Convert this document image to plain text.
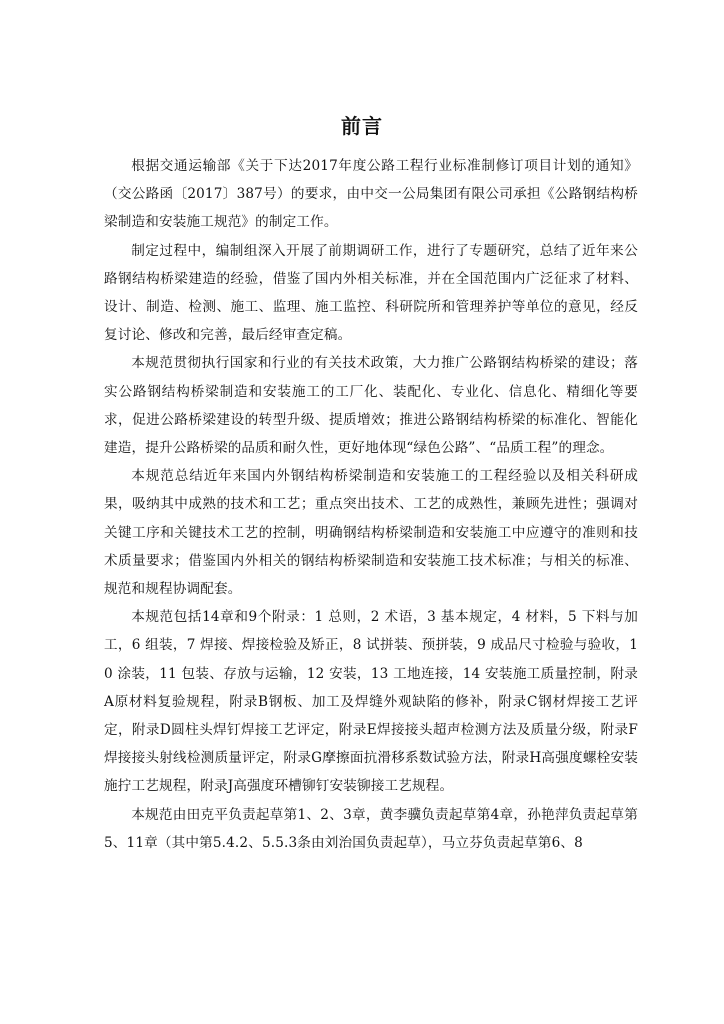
前言

根据交通运输部《关于下达2017年度公路工程行业标准制修订项目计划的通知》（交公路函〔2017〕387号）的要求，由中交一公局集团有限公司承担《公路钢结构桥梁制造和安装施工规范》的制定工作。

制定过程中，编制组深入开展了前期调研工作，进行了专题研究，总结了近年来公路钢结构桥梁建造的经验，借鉴了国内外相关标准，并在全国范围内广泛征求了材料、设计、制造、检测、施工、监理、施工监控、科研院所和管理养护等单位的意见，经反复讨论、修改和完善，最后经审查定稿。

本规范贯彻执行国家和行业的有关技术政策，大力推广公路钢结构桥梁的建设；落实公路钢结构桥梁制造和安装施工的工厂化、装配化、专业化、信息化、精细化等要求，促进公路桥梁建设的转型升级、提质增效；推进公路钢结构桥梁的标准化、智能化建造，提升公路桥梁的品质和耐久性，更好地体现“绿色公路”、“品质工程”的理念。

本规范总结近年来国内外钢结构桥梁制造和安装施工的工程经验以及相关科研成果，吸纳其中成熟的技术和工艺；重点突出技术、工艺的成熟性，兼顾先进性；强调对关键工序和关键技术工艺的控制，明确钢结构桥梁制造和安装施工中应遵守的准则和技术质量要求；借鉴国内外相关的钢结构桥梁制造和安装施工技术标准；与相关的标准、规范和规程协调配套。

本规范包括14章和9个附录：1 总则，2 术语，3 基本规定，4 材料，5 下料与加工，6 组装，7 焊接、焊接检验及矫正，8 试拼装、预拼装，9 成品尺寸检验与验收，10 涂装，11 包装、存放与运输，12 安装，13 工地连接，14 安装施工质量控制，附录A原材料复验规程，附录B钢板、加工及焊缝外观缺陷的修补，附录C钢材焊接工艺评定，附录D圆柱头焊钉焊接工艺评定，附录E焊接接头超声检测方法及质量分级，附录F焊接接头射线检测质量评定，附录G摩擦面抗滑移系数试验方法，附录H高强度螺栓安装施拧工艺规程，附录J高强度环槽铆钉安装铆接工艺规程。

本规范由田克平负责起草第1、2、3章，黄李骥负责起草第4章，孙艳萍负责起草第5、11章（其中第5.4.2、5.5.3条由刘治国负责起草），马立芬负责起草第6、8
